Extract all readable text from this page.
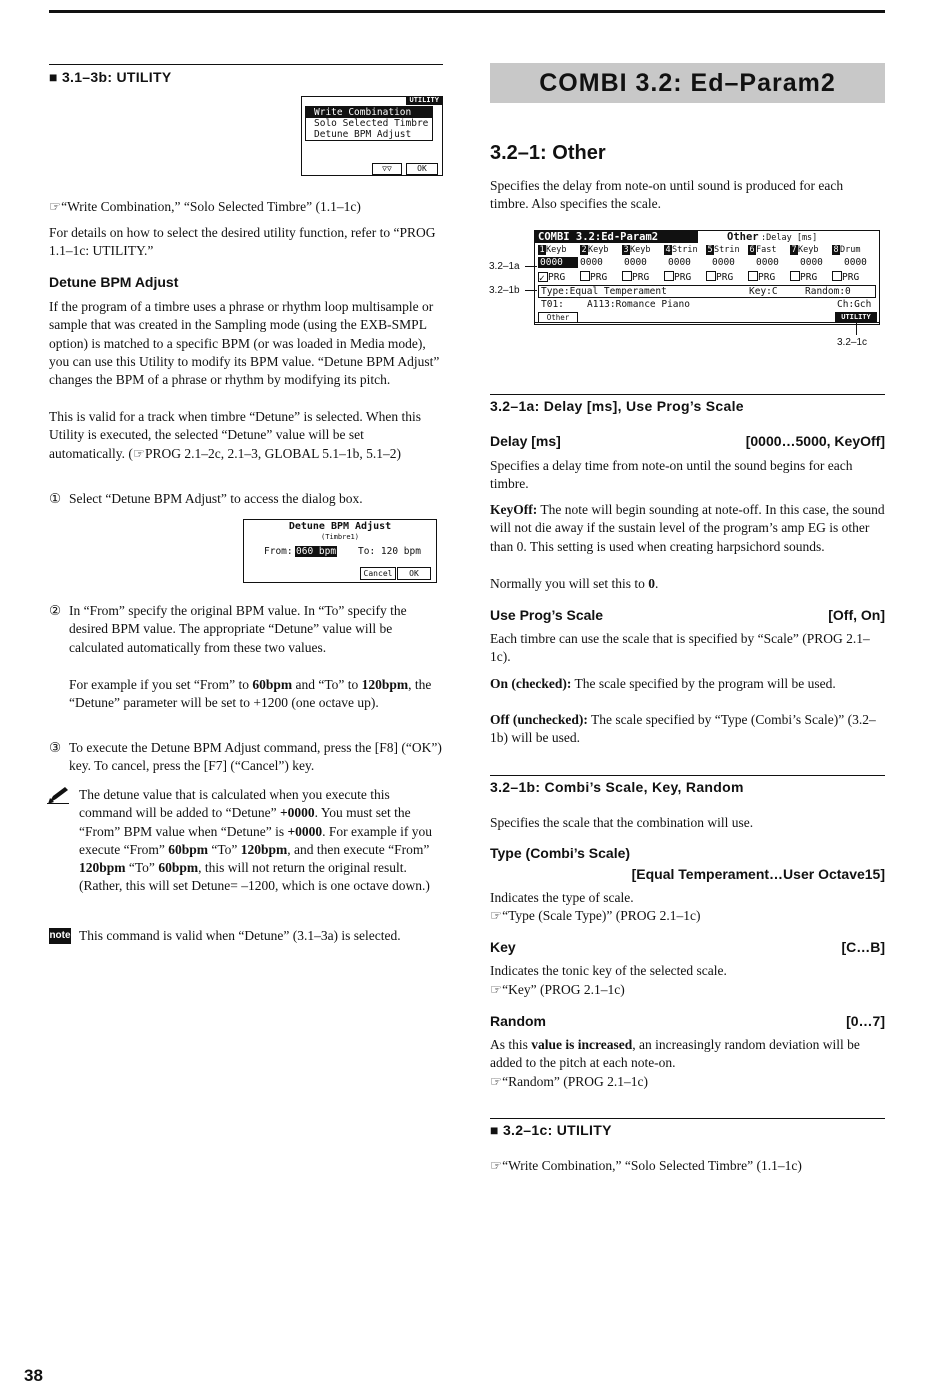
■ 3.1–3b: UTILITY
UTILITY
Write Combination
Solo Selected Timbre
Detune BPM Adjust
▽▽	OK
☞“Write Combination,” “Solo Selected Timbre” (1.1–1c)
For details on how to select the desired utility function, refer to “PROG 1.1–1c: UTILITY.”
Detune BPM Adjust
If the program of a timbre uses a phrase or rhythm loop multisample or sample that was created in the Sampling mode (using the EXB-SMPL option) is matched to a specific BPM (or was loaded in Media mode), you can use this Utility to modify its BPM value. “Detune BPM Adjust” changes the BPM of a phrase or rhythm by modifying its pitch.
This is valid for a track when timbre “Detune” is selected. When this Utility is executed, the selected “Detune” value will be set automatically. (☞PROG 2.1–2c, 2.1–3, GLOBAL 5.1–1b, 5.1–2)
① Select “Detune BPM Adjust” to access the dialog box.
Detune BPM Adjust
(Timbre1)
From: 060 bpm To: 120 bpm
Cancel	OK
② In “From” specify the original BPM value. In “To” specify the desired BPM value. The appropriate “Detune” value will be calculated automatically from these two values.
For example if you set “From” to 60bpm and “To” to 120bpm, the “Detune” parameter will be set to +1200 (one octave up).
③ To execute the Detune BPM Adjust command, press the [F8] (“OK”) key. To cancel, press the [F7] (“Cancel”) key.
The detune value that is calculated when you execute this command will be added to “Detune” +0000. You must set the “From” BPM value when “Detune” is +0000. For example if you execute “From” 60bpm “To” 120bpm, and then execute “From” 120bpm “To” 60bpm, this will not return the original result. (Rather, this will set Detune= –1200, which is one octave down.)
note This command is valid when “Detune” (3.1–3a) is selected.
COMBI 3.2: Ed–Param2
3.2–1: Other
Specifies the delay from note-on until sound is produced for each timbre. Also specifies the scale.
COMBI 3.2:Ed-Param2	Other :Delay [ms]
1Keyb 2Keyb 3Keyb 4Strin 5Strin 6Fast 7Keyb 8Drum
0000 0000 0000 0000 0000 0000 0000 0000
✓ PRG	PRG	PRG	PRG	PRG	PRG	PRG	PRG
Type:Equal Temperament	Key:C	Random:0
T01: A113:Romance Piano	Ch:Gch
Other	UTILITY
3.2–1a
3.2–1b
3.2–1c
3.2–1a: Delay [ms], Use Prog’s Scale
Delay [ms]	[0000…5000, KeyOff]
Specifies a delay time from note-on until the sound begins for each timbre.
KeyOff: The note will begin sounding at note-off. In this case, the sound will not die away if the sustain level of the program’s amp EG is other than 0. This setting is used when creating harpsichord sounds.
Normally you will set this to 0.
Use Prog’s Scale	[Off, On]
Each timbre can use the scale that is specified by “Scale” (PROG 2.1–1c).
On (checked): The scale specified by the program will be used.
Off (unchecked): The scale specified by “Type (Combi’s Scale)” (3.2–1b) will be used.
3.2–1b: Combi’s Scale, Key, Random
Specifies the scale that the combination will use.
Type (Combi’s Scale)
[Equal Temperament…User Octave15]
Indicates the type of scale.
☞“Type (Scale Type)” (PROG 2.1–1c)
Key	[C…B]
Indicates the tonic key of the selected scale.
☞“Key” (PROG 2.1–1c)
Random	[0…7]
As this value is increased, an increasingly random deviation will be added to the pitch at each note-on.
☞“Random” (PROG 2.1–1c)
■ 3.2–1c: UTILITY
☞“Write Combination,” “Solo Selected Timbre” (1.1–1c)
38
